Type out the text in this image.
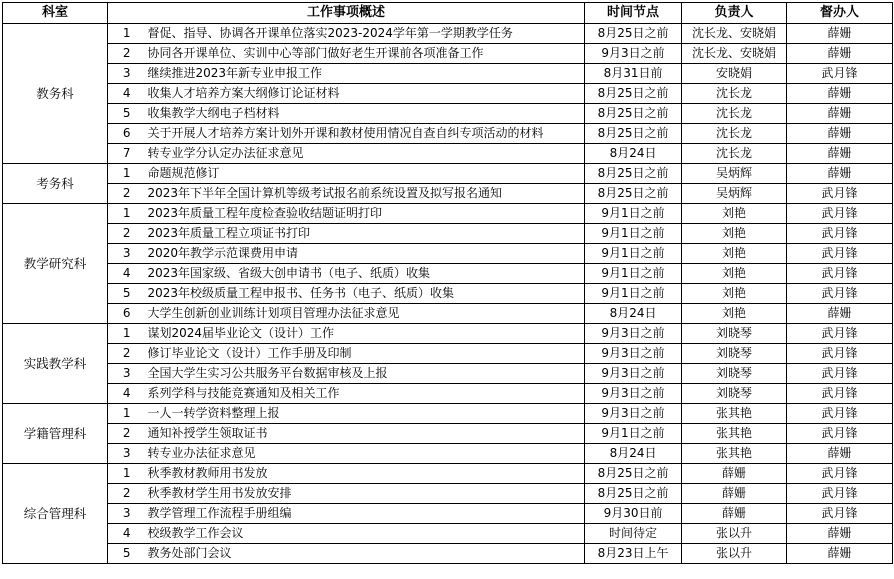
科室	工作事项概述		时间节点	负责人	督办人
教务科	1	督促、指导、协调各开课单位落实2023-2024学年第一学期教学任务	8月25日之前	沈长龙、安晓娟	薛姗
	2	协同各开课单位、实训中心等部门做好老生开课前各项准备工作	9月3日之前	沈长龙、安晓娟	薛姗
	3	继续推进2023年新专业申报工作	8月31日前	安晓娟	武月锋
	4	收集人才培养方案大纲修订论证材料	8月25日之前	沈长龙	薛姗
	5	收集教学大纲电子档材料	8月25日之前	沈长龙	薛姗
	6	关于开展人才培养方案计划外开课和教材使用情况自查自纠专项活动的材料	8月25日之前	沈长龙	薛姗
	7	转专业学分认定办法征求意见	8月24日	沈长龙	薛姗
考务科	1	命题规范修订	8月25日之前	吴炳辉	薛姗
	2	2023年下半年全国计算机等级考试报名前系统设置及拟写报名通知	8月25日之前	吴炳辉	武月锋
教学研究科	1	2023年质量工程年度检查验收结题证明打印	9月1日之前	刘艳	武月锋
	2	2023年质量工程立项证书打印	9月1日之前	刘艳	武月锋
	3	2020年教学示范课费用申请	9月1日之前	刘艳	武月锋
	4	2023年国家级、省级大创申请书（电子、纸质）收集	9月1日之前	刘艳	武月锋
	5	2023年校级质量工程申报书、任务书（电子、纸质）收集	9月1日之前	刘艳	武月锋
	6	大学生创新创业训练计划项目管理办法征求意见	8月24日	刘艳	薛姗
实践教学科	1	谋划2024届毕业论文（设计）工作	9月3日之前	刘晓琴	武月锋
	2	修订毕业论文（设计）工作手册及印制	9月3日之前	刘晓琴	武月锋
	3	全国大学生实习公共服务平台数据审核及上报	9月3日之前	刘晓琴	武月锋
	4	系列学科与技能竞赛通知及相关工作	9月3日之前	刘晓琴	武月锋
学籍管理科	1	一人一转学资料整理上报	9月3日之前	张其艳	武月锋
	2	通知补授学生领取证书	9月1日之前	张其艳	武月锋
	3	转专业办法征求意见	8月24日	张其艳	薛姗
综合管理科	1	秋季教材教师用书发放	8月25日之前	薛姗	武月锋
	2	秋季教材学生用书发放安排	8月25日之前	薛姗	武月锋
	3	教学管理工作流程手册组编	9月30日前	薛姗	武月锋
	4	校级教学工作会议	时间待定	张以升	薛姗
	5	教务处部门会议	8月23日上午	张以升	薛姗
